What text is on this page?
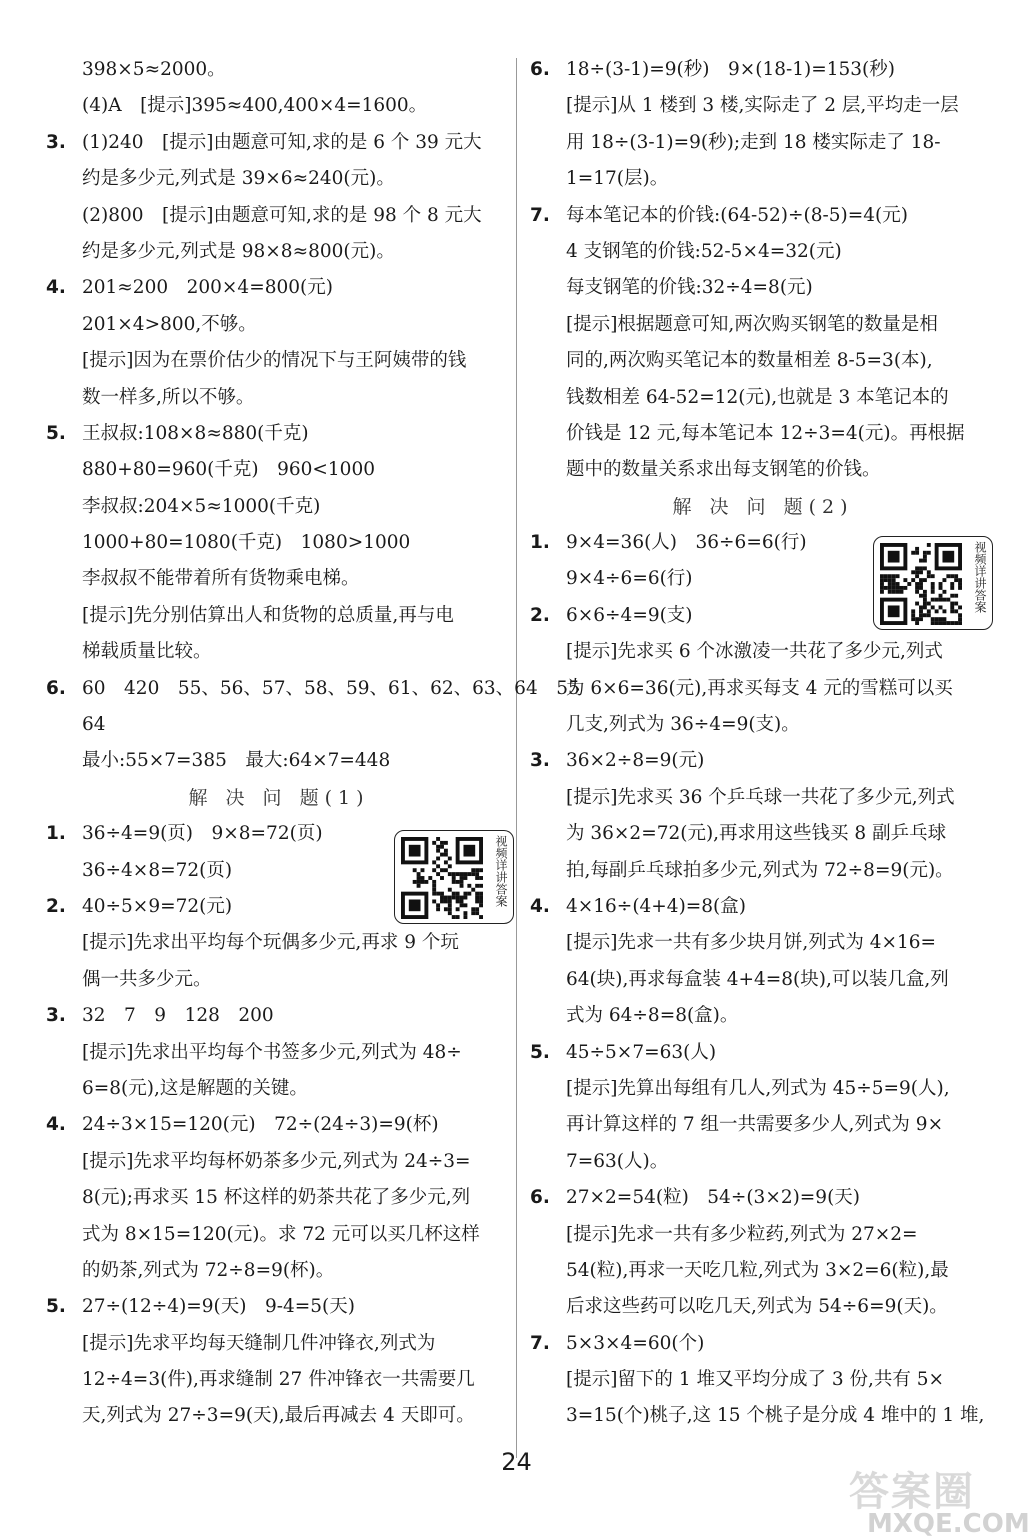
398×5≈2000。
(4)A　[提示]395≈400,400×4=1600。
3. (1)240　[提示]由题意可知,求的是 6 个 39 元大
约是多少元,列式是 39×6≈240(元)。
(2)800　[提示]由题意可知,求的是 98 个 8 元大
约是多少元,列式是 98×8≈800(元)。
4. 201≈200　200×4=800(元)
201×4>800,不够。
[提示]因为在票价估少的情况下与王阿姨带的钱
数一样多,所以不够。
5. 王叔叔:108×8≈880(千克)
880+80=960(千克)　960<1000
李叔叔:204×5≈1000(千克)
1000+80=1080(千克)　1080>1000
李叔叔不能带着所有货物乘电梯。
[提示]先分别估算出人和货物的总质量,再与电
梯载质量比较。
6. 60　420　55、56、57、58、59、61、62、63、64　55
64
最小:55×7=385　最大:64×7=448
解 决 问 题(1)
1. 36÷4=9(页)　9×8=72(页)
36÷4×8=72(页)
2. 40÷5×9=72(元)
[提示]先求出平均每个玩偶多少元,再求 9 个玩
偶一共多少元。
3. 32　7　9　128　200
[提示]先求出平均每个书签多少元,列式为 48÷
6=8(元),这是解题的关键。
4. 24÷3×15=120(元)　72÷(24÷3)=9(杯)
[提示]先求平均每杯奶茶多少元,列式为 24÷3=
8(元);再求买 15 杯这样的奶茶共花了多少元,列
式为 8×15=120(元)。求 72 元可以买几杯这样
的奶茶,列式为 72÷8=9(杯)。
5. 27÷(12÷4)=9(天)　9-4=5(天)
[提示]先求平均每天缝制几件冲锋衣,列式为
12÷4=3(件),再求缝制 27 件冲锋衣一共需要几
天,列式为 27÷3=9(天),最后再减去 4 天即可。
6. 18÷(3-1)=9(秒)　9×(18-1)=153(秒)
[提示]从 1 楼到 3 楼,实际走了 2 层,平均走一层
用 18÷(3-1)=9(秒);走到 18 楼实际走了 18-
1=17(层)。
7. 每本笔记本的价钱:(64-52)÷(8-5)=4(元)
4 支钢笔的价钱:52-5×4=32(元)
每支钢笔的价钱:32÷4=8(元)
[提示]根据题意可知,两次购买钢笔的数量是相
同的,两次购买笔记本的数量相差 8-5=3(本),
钱数相差 64-52=12(元),也就是 3 本笔记本的
价钱是 12 元,每本笔记本 12÷3=4(元)。再根据
题中的数量关系求出每支钢笔的价钱。
解 决 问 题(2)
1. 9×4=36(人)　36÷6=6(行)
9×4÷6=6(行)
2. 6×6÷4=9(支)
[提示]先求买 6 个冰激凌一共花了多少元,列式
为 6×6=36(元),再求买每支 4 元的雪糕可以买
几支,列式为 36÷4=9(支)。
3. 36×2÷8=9(元)
[提示]先求买 36 个乒乓球一共花了多少元,列式
为 36×2=72(元),再求用这些钱买 8 副乒乓球
拍,每副乒乓球拍多少元,列式为 72÷8=9(元)。
4. 4×16÷(4+4)=8(盒)
[提示]先求一共有多少块月饼,列式为 4×16=
64(块),再求每盒装 4+4=8(块),可以装几盒,列
式为 64÷8=8(盒)。
5. 45÷5×7=63(人)
[提示]先算出每组有几人,列式为 45÷5=9(人),
再计算这样的 7 组一共需要多少人,列式为 9×
7=63(人)。
6. 27×2=54(粒)　54÷(3×2)=9(天)
[提示]先求一共有多少粒药,列式为 27×2=
54(粒),再求一天吃几粒,列式为 3×2=6(粒),最
后求这些药可以吃几天,列式为 54÷6=9(天)。
7. 5×3×4=60(个)
[提示]留下的 1 堆又平均分成了 3 份,共有 5×
3=15(个)桃子,这 15 个桃子是分成 4 堆中的 1 堆,
视频详讲答案
视频详讲答案
24
答案圈
MXQE.COM
